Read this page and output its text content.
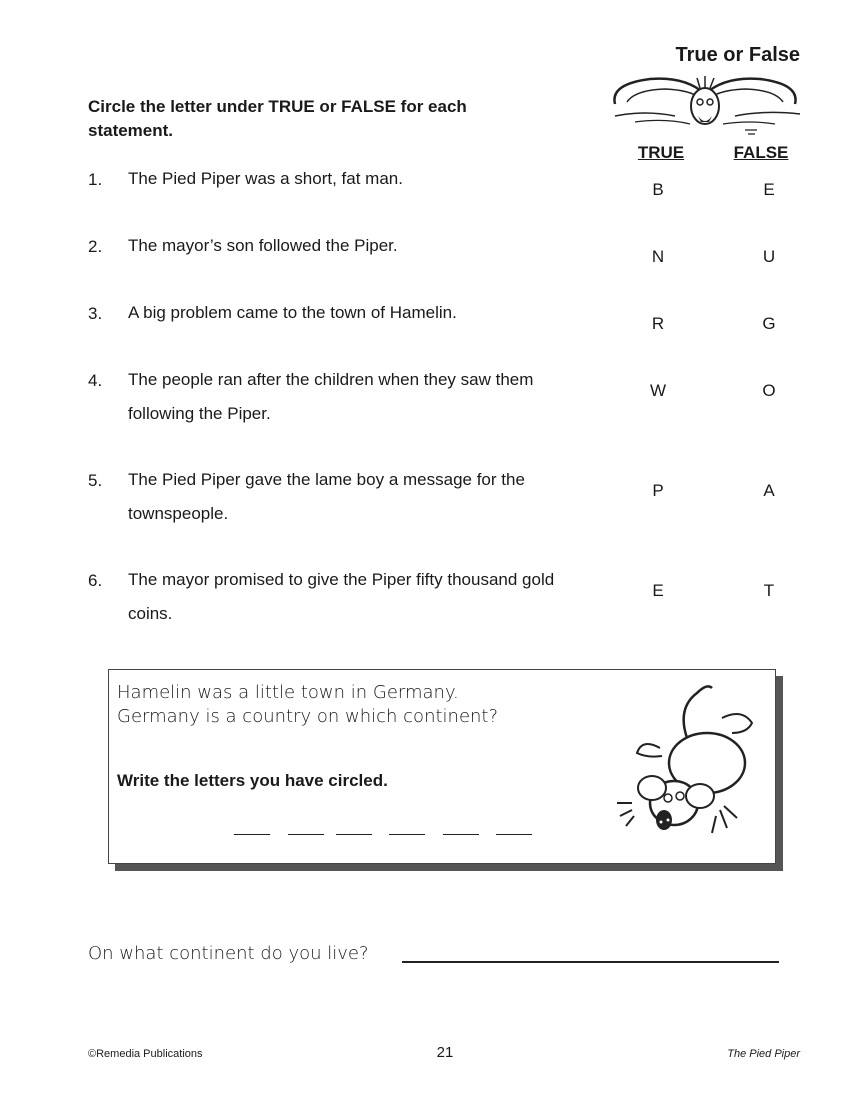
True or False
Circle the letter under TRUE or FALSE for each statement.
TRUE	FALSE
1. The Pied Piper was a short, fat man.
B	E
2. The mayor’s son followed the Piper.
N	U
3. A big problem came to the town of Hamelin.
R	G
4. The people ran after the children when they saw them following the Piper.
W	O
5. The Pied Piper gave the lame boy a message for the townspeople.
P	A
6. The mayor promised to give the Piper fifty thousand gold coins.
E	T
Hamelin was a little town in Germany.
Germany is a country on which continent?
Write the letters you have circled.
On what continent do you live?
©Remedia Publications	21	The Pied Piper
